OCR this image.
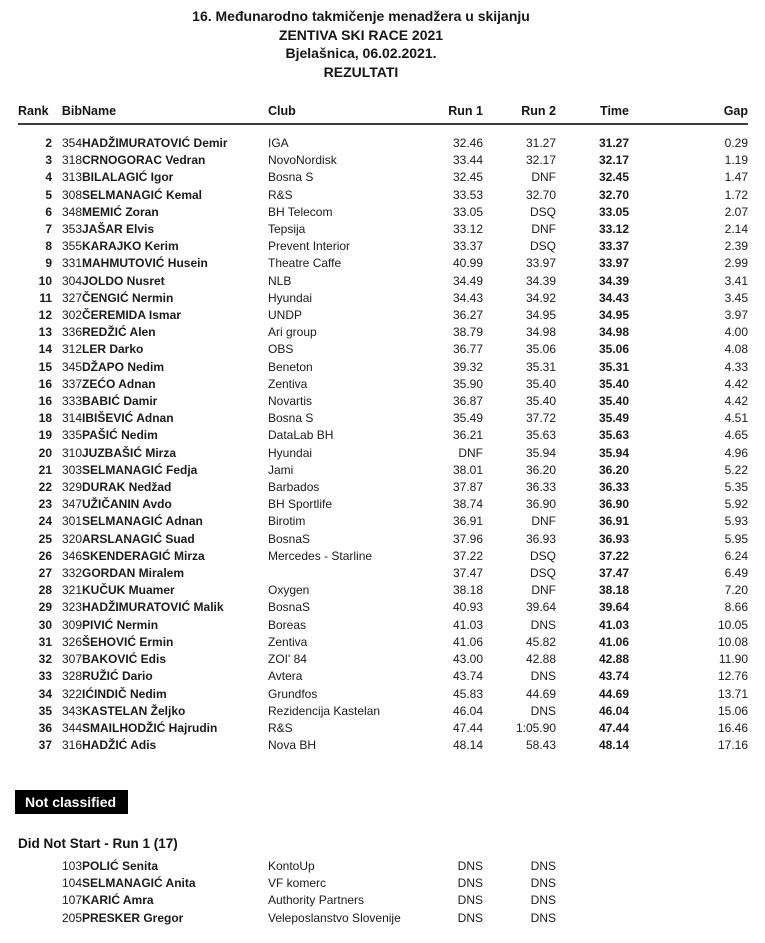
16. Međunarodno takmičenje menadžera u skijanju
ZENTIVA SKI RACE 2021
Bjelašnica, 06.02.2021.
REZULTATI
Rank	Bib	Name	Club	Run 1	Run 2	Time	Gap
2	354	HADŽIMURATOVIĆ Demir	IGA	32.46	31.27	31.27	0.29
3	318	CRNOGORAC Vedran	NovoNordisk	33.44	32.17	32.17	1.19
4	313	BILALAGIĆ Igor	Bosna S	32.45	DNF	32.45	1.47
5	308	SELMANAGIĆ Kemal	R&S	33.53	32.70	32.70	1.72
6	348	MEMIĆ Zoran	BH Telecom	33.05	DSQ	33.05	2.07
7	353	JAŠAR Elvis	Tepsija	33.12	DNF	33.12	2.14
8	355	KARAJKO Kerim	Prevent Interior	33.37	DSQ	33.37	2.39
9	331	MAHMUTOVIĆ Husein	Theatre Caffe	40.99	33.97	33.97	2.99
10	304	JOLDO Nusret	NLB	34.49	34.39	34.39	3.41
11	327	ČENGIĆ Nermin	Hyundai	34.43	34.92	34.43	3.45
12	302	ČEREMIDA Ismar	UNDP	36.27	34.95	34.95	3.97
13	336	REDŽIĆ Alen	Ari group	38.79	34.98	34.98	4.00
14	312	LER Darko	OBS	36.77	35.06	35.06	4.08
15	345	DŽAPO Nedim	Beneton	39.32	35.31	35.31	4.33
16	337	ZEĆO Adnan	Zentiva	35.90	35.40	35.40	4.42
16	333	BABIĆ Damir	Novartis	36.87	35.40	35.40	4.42
18	314	IBIŠEVIĆ Adnan	Bosna S	35.49	37.72	35.49	4.51
19	335	PAŠIĆ Nedim	DataLab BH	36.21	35.63	35.63	4.65
20	310	JUZBAŠIĆ Mirza	Hyundai	DNF	35.94	35.94	4.96
21	303	SELMANAGIĆ Fedja	Jami	38.01	36.20	36.20	5.22
22	329	DURAK Nedžad	Barbados	37.87	36.33	36.33	5.35
23	347	UŽIČANIN Avdo	BH Sportlife	38.74	36.90	36.90	5.92
24	301	SELMANAGIĆ Adnan	Birotim	36.91	DNF	36.91	5.93
25	320	ARSLANAGIĆ Suad	BosnaS	37.96	36.93	36.93	5.95
26	346	SKENDERAGIĆ Mirza	Mercedes - Starline	37.22	DSQ	37.22	6.24
27	332	GORDAN Miralem		37.47	DSQ	37.47	6.49
28	321	KUČUK Muamer	Oxygen	38.18	DNF	38.18	7.20
29	323	HADŽIMURATOVIĆ Malik	BosnaS	40.93	39.64	39.64	8.66
30	309	PIVIĆ Nermin	Boreas	41.03	DNS	41.03	10.05
31	326	ŠEHOVIĆ Ermin	Zentiva	41.06	45.82	41.06	10.08
32	307	BAKOVIĆ Edis	ZOI' 84	43.00	42.88	42.88	11.90
33	328	RUŽIĆ Dario	Avtera	43.74	DNS	43.74	12.76
34	322	IĆINDIČ Nedim	Grundfos	45.83	44.69	44.69	13.71
35	343	KASTELAN Željko	Rezidencija Kastelan	46.04	DNS	46.04	15.06
36	344	SMAILHODŽIĆ Hajrudin	R&S	47.44	1:05.90	47.44	16.46
37	316	HADŽIĆ Adis	Nova BH	48.14	58.43	48.14	17.16
Not classified
Did Not Start - Run 1 (17)
	103	POLIĆ Senita	KontoUp	DNS	DNS		
	104	SELMANAGIĆ Anita	VF komerc	DNS	DNS		
	107	KARIĆ Amra	Authority Partners	DNS	DNS		
	205	PRESKER Gregor	Veleposlanstvo Slovenije	DNS	DNS		
